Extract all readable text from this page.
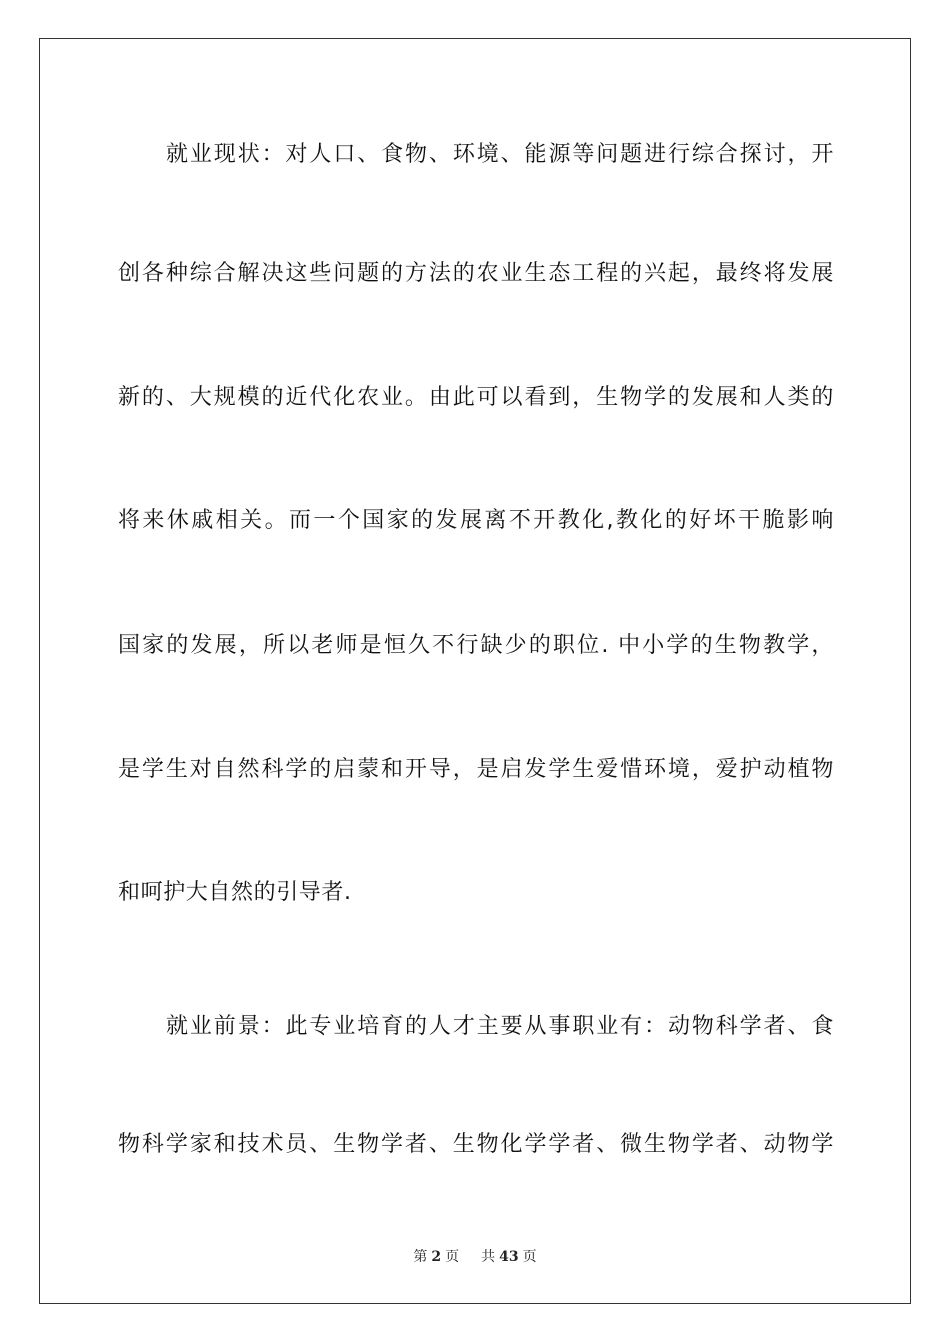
就业现状：对人口、食物、环境、能源等问题进行综合探讨，开
创各种综合解决这些问题的方法的农业生态工程的兴起，最终将发展
新的、大规模的近代化农业。由此可以看到，生物学的发展和人类的
将来休戚相关。而一个国家的发展离不开教化,教化的好坏干脆影响
国家的发展，所以老师是恒久不行缺少的职位. 中小学的生物教学，
是学生对自然科学的启蒙和开导，是启发学生爱惜环境，爱护动植物
和呵护大自然的引导者.
就业前景：此专业培育的人才主要从事职业有：动物科学者、食
物科学家和技术员、生物学者、生物化学学者、微生物学者、动物学
第 2 页 共 43 页
